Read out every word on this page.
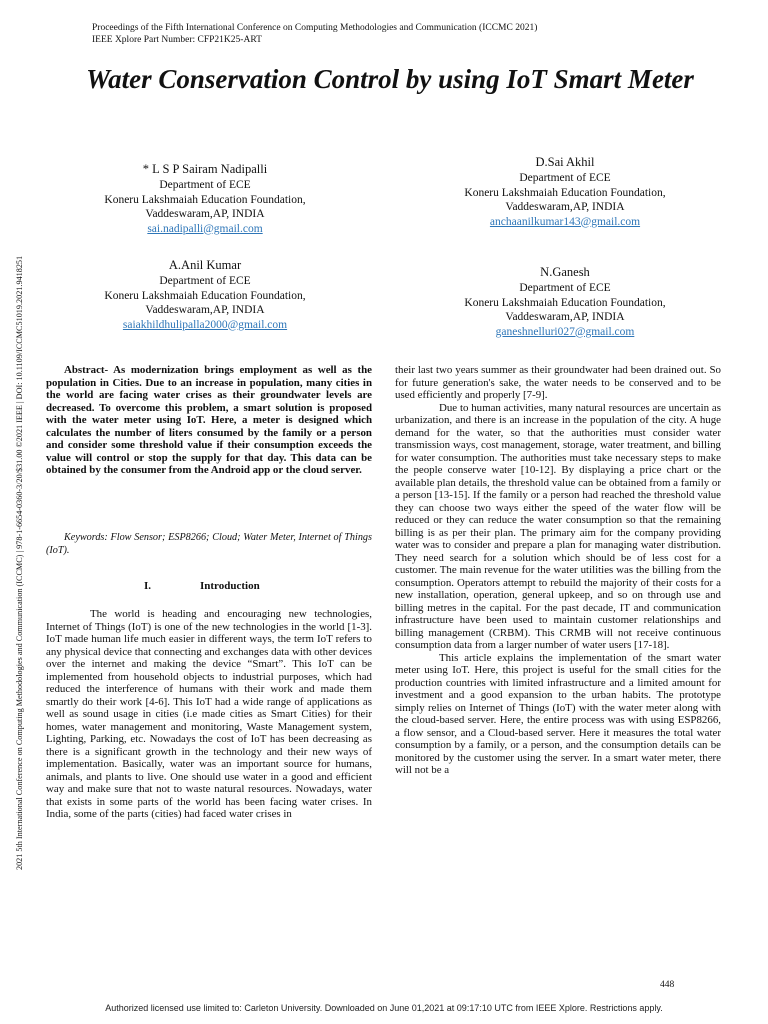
Proceedings of the Fifth International Conference on Computing Methodologies and Communication (ICCMC 2021)
IEEE Xplore Part Number: CFP21K25-ART
2021 5th International Conference on Computing Methodologies and Communication (ICCMC) | 978-1-6654-0360-3/20/$31.00 ©2021 IEEE | DOI: 10.1109/ICCMC51019.2021.9418251
Water Conservation Control by using IoT Smart Meter
* L S P Sairam Nadipalli
Department of ECE
Koneru Lakshmaiah Education Foundation,
Vaddeswaram,AP, INDIA
sai.nadipalli@gmail.com
D.Sai Akhil
Department of ECE
Koneru Lakshmaiah Education Foundation,
Vaddeswaram,AP, INDIA
anchaanilkumar143@gmail.com
A.Anil Kumar
Department of ECE
Koneru Lakshmaiah Education Foundation,
Vaddeswaram,AP, INDIA
saiakhildhulipalla2000@gmail.com
N.Ganesh
Department of ECE
Koneru Lakshmaiah Education Foundation,
Vaddeswaram,AP, INDIA
ganeshnelluri027@gmail.com

Abstract- As modernization brings employment as well as the population in Cities. Due to an increase in population, many cities in the world are facing water crises as their groundwater levels are decreased. To overcome this problem, a smart solution is proposed with the water meter using IoT. Here, a meter is designed which calculates the number of liters consumed by the family or a person and consider some threshold value if their consumption exceeds the value will control or stop the supply for that day. This data can be obtained by the consumer from the Android app or the cloud server.

Keywords: Flow Sensor; ESP8266; Cloud; Water Meter, Internet of Things (IoT).

I.	Introduction

The world is heading and encouraging new technologies, Internet of Things (IoT) is one of the new technologies in the world [1-3]. IoT made human life much easier in different ways, the term IoT refers to any physical device that connecting and exchanges data with other devices over the internet and making the device “Smart”. This IoT can be implemented from household objects to industrial purposes, which had reduced the interference of humans with their work and made them smartly do their work [4-6]. This IoT had a wide range of applications as well as sound usage in cities (i.e made cities as Smart Cities) for their homes, water management and monitoring, Waste Management system, Lighting, Parking, etc. Nowadays the cost of IoT has been decreasing as there is a significant growth in the technology and their new ways of implementation. Basically, water was an important source for humans, animals, and plants to live. One should use water in a good and efficient way and make sure that not to waste natural resources. Nowadays, water that exists in some parts of the world has been facing water crises. In India, some of the parts (cities) had faced water crises in

their last two years summer as their groundwater had been drained out. So for future generation's sake, the water needs to be conserved and to be used efficiently and properly [7-9].

Due to human activities, many natural resources are uncertain as urbanization, and there is an increase in the population of the city. A huge demand for the water, so that the authorities must consider water transmission ways, cost management, storage, water treatment, and billing for water consumption. The authorities must take necessary steps to make the people conserve water [10-12]. By displaying a price chart or the available plan details, the threshold value can be obtained from a family or a person [13-15]. If the family or a person had reached the threshold value they can choose two ways either the speed of the water flow will be reduced or they can reduce the water consumption so that the remaining billing is as per their plan. The primary aim for the company providing water was to consider and prepare a plan for managing water distribution. They need search for a solution which should be of less cost for a customer. The main revenue for the water utilities was the billing from the consumption. Operators attempt to rebuild the majority of their costs for a new installation, operation, general upkeep, and so on through use and billing metres in the capital. For the past decade, IT and communication infrastructure have been used to maintain customer relationships and billing management (CRBM). This CRMB will not receive continuous consumption data from a larger number of water users [17-18].

This article explains the implementation of the smart water meter using IoT. Here, this project is useful for the small cities for the production countries with limited infrastructure and a limited amount for investment and a good expansion to the urban habits. The prototype simply relies on Internet of Things (IoT) with the water meter along with the cloud-based server. Here, the entire process was with using ESP8266, a flow sensor, and a Cloud-based server. Here it measures the total water consumption by a family, or a person, and the consumption details can be monitored by the customer using the server. In a smart water meter, there will not be a

448
Authorized licensed use limited to: Carleton University. Downloaded on June 01,2021 at 09:17:10 UTC from IEEE Xplore. Restrictions apply.
